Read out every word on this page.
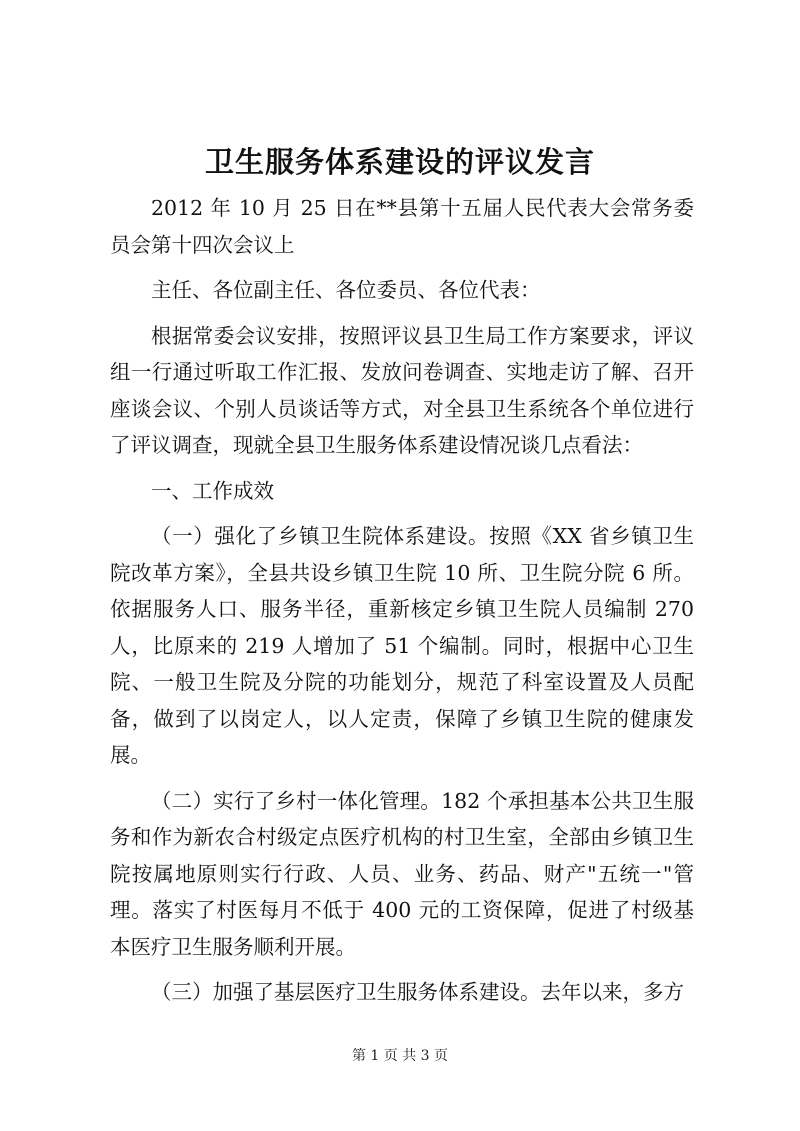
卫生服务体系建设的评议发言

2012 年 10 月 25 日在**县第十五届人民代表大会常务委员会第十四次会议上

主任、各位副主任、各位委员、各位代表：

根据常委会议安排，按照评议县卫生局工作方案要求，评议组一行通过听取工作汇报、发放问卷调查、实地走访了解、召开座谈会议、个别人员谈话等方式，对全县卫生系统各个单位进行了评议调查，现就全县卫生服务体系建设情况谈几点看法：

一、工作成效

（一）强化了乡镇卫生院体系建设。按照《XX 省乡镇卫生院改革方案》，全县共设乡镇卫生院 10 所、卫生院分院 6 所。依据服务人口、服务半径，重新核定乡镇卫生院人员编制 270 人，比原来的 219 人增加了 51 个编制。同时，根据中心卫生院、一般卫生院及分院的功能划分，规范了科室设置及人员配备，做到了以岗定人，以人定责，保障了乡镇卫生院的健康发展。

（二）实行了乡村一体化管理。182 个承担基本公共卫生服务和作为新农合村级定点医疗机构的村卫生室，全部由乡镇卫生院按属地原则实行行政、人员、业务、药品、财产"五统一"管理。落实了村医每月不低于 400 元的工资保障，促进了村级基本医疗卫生服务顺利开展。

（三）加强了基层医疗卫生服务体系建设。去年以来，多方

第 1 页 共 3 页
